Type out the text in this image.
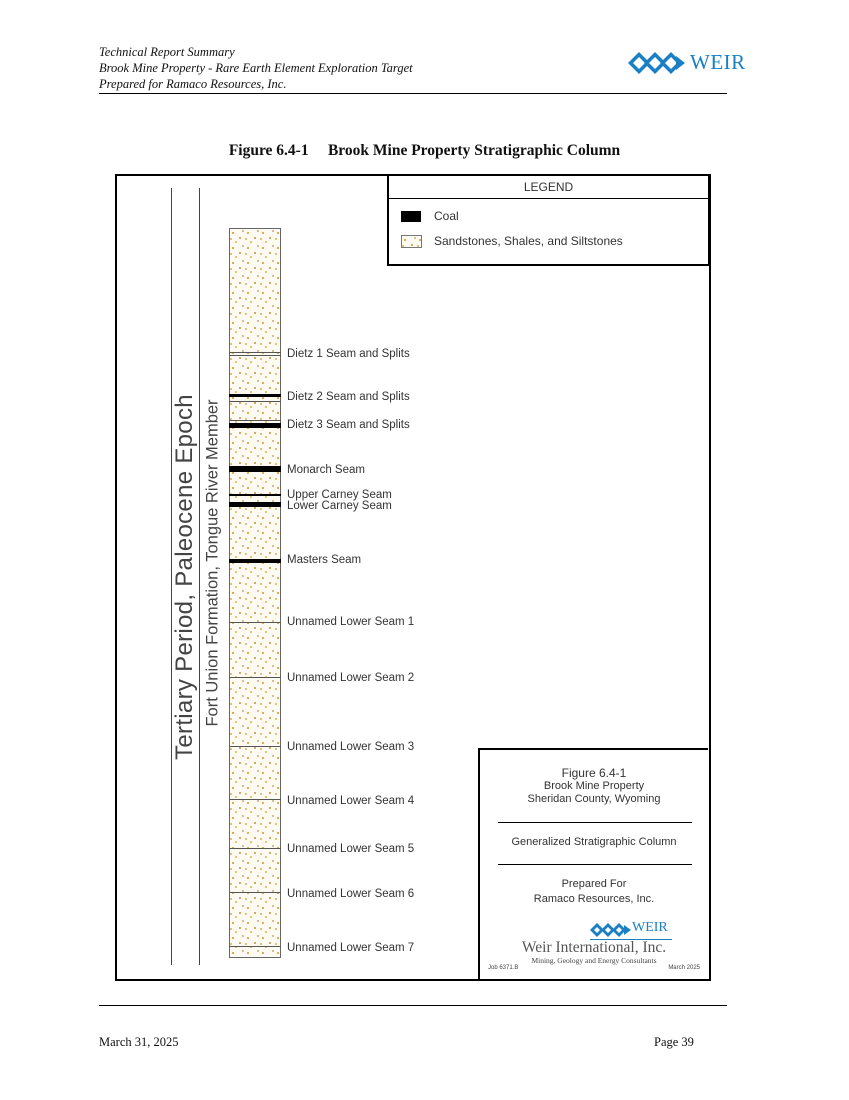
Technical Report Summary
Brook Mine Property - Rare Earth Element Exploration Target
Prepared for Ramaco Resources, Inc.
WEIR
Figure 6.4-1     Brook Mine Property Stratigraphic Column
LEGEND
Coal
Sandstones, Shales, and Siltstones
Tertiary Period, Paleocene Epoch Fort Union Formation, Tongue River Member
Dietz 1 Seam and Splits
Dietz 2 Seam and Splits
Dietz 3 Seam and Splits
Monarch Seam
Upper Carney Seam
Lower Carney Seam
Masters Seam
Unnamed Lower Seam 1
Unnamed Lower Seam 2
Unnamed Lower Seam 3
Unnamed Lower Seam 4
Unnamed Lower Seam 5
Unnamed Lower Seam 6
Unnamed Lower Seam 7
Figure 6.4-1
Brook Mine Property
Sheridan County, Wyoming
Generalized Stratigraphic Column
Prepared For
Ramaco Resources, Inc.
WEIR
Weir International, Inc.
Mining, Geology and Energy Consultants
Job 6371.B	March 2025
March 31, 2025	Page 39
